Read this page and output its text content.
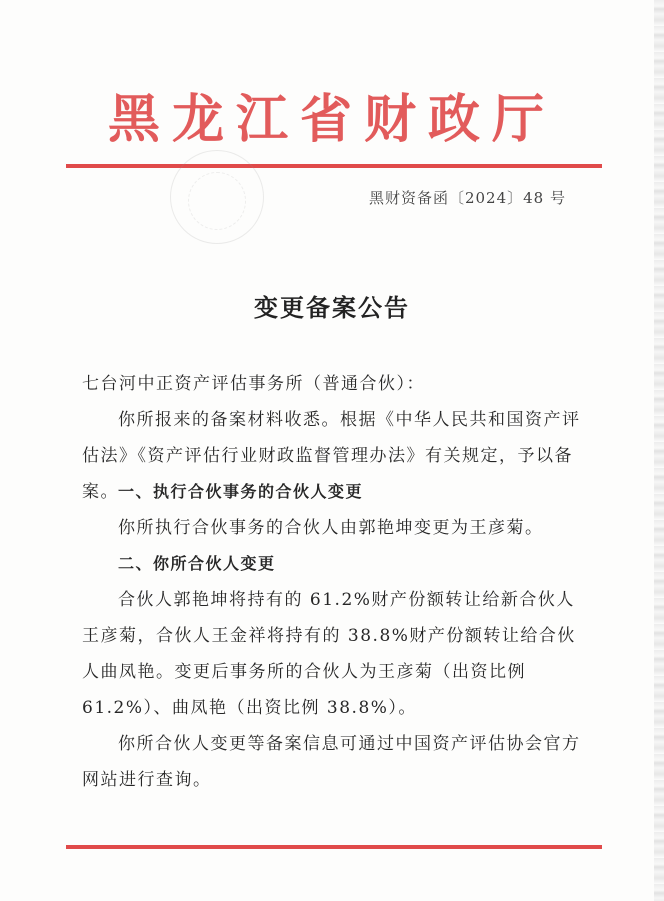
黑龙江省财政厅
黑财资备函〔2024〕48 号
变更备案公告
七台河中正资产评估事务所（普通合伙）：
你所报来的备案材料收悉。根据《中华人民共和国资产评估法》《资产评估行业财政监督管理办法》有关规定，予以备案。 一、执行合伙事务的合伙人变更
你所执行合伙事务的合伙人由郭艳坤变更为王彦菊。
二、你所合伙人变更
合伙人郭艳坤将持有的 61.2%财产份额转让给新合伙人王彦菊，合伙人王金祥将持有的 38.8%财产份额转让给合伙人曲凤艳。变更后事务所的合伙人为王彦菊（出资比例 61.2%）、曲凤艳（出资比例 38.8%）。
你所合伙人变更等备案信息可通过中国资产评估协会官方网站进行查询。
